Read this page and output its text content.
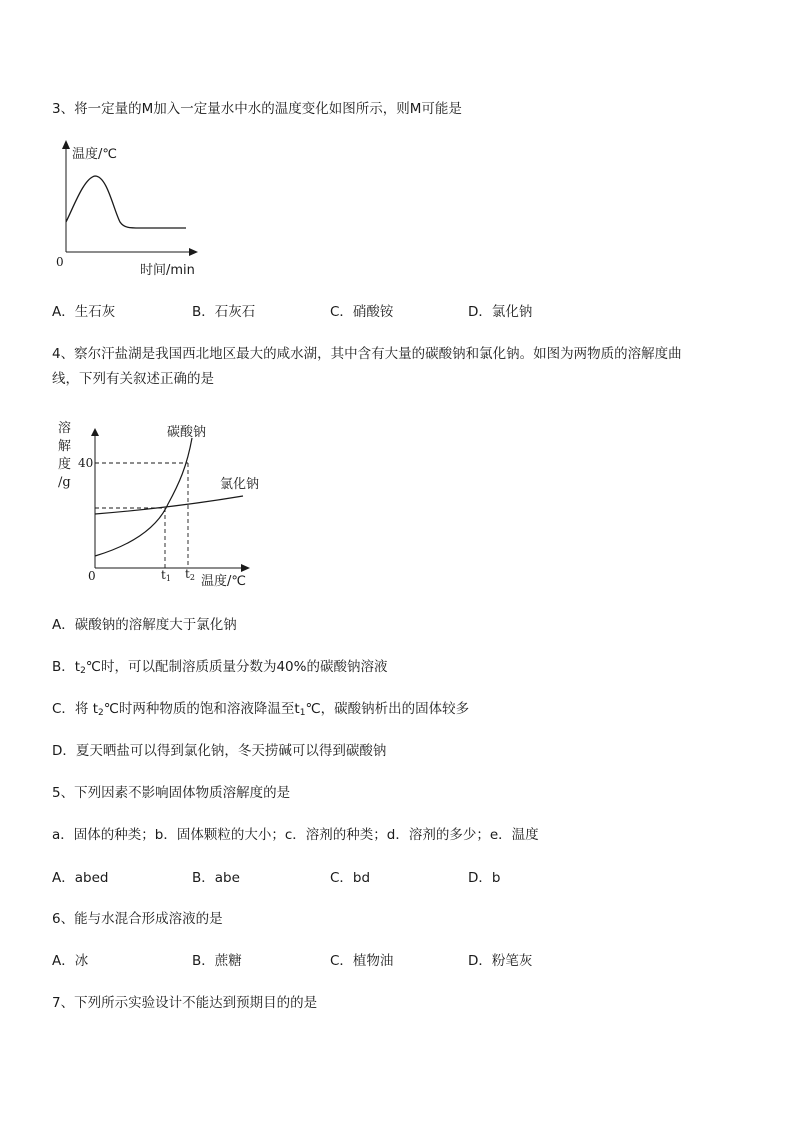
3、将一定量的M加入一定量水中水的温度变化如图所示，则M可能是
温度/℃
0
时间/min
A．生石灰	B．石灰石	C．硝酸铵	D．氯化钠
4、察尔汗盐湖是我国西北地区最大的咸水湖，其中含有大量的碳酸钠和氯化钠。如图为两物质的溶解度曲
线，下列有关叙述正确的是
溶
解
度
/g
40
0	t1 t2 温度/℃
碳酸钠
氯化钠
A．碳酸钠的溶解度大于氯化钠
B．$t_2℃$时，可以配制溶质质量分数为40%的碳酸钠溶液
C．将 $t_2℃$时两种物质的饱和溶液降温至$t_1℃$，碳酸钠析出的固体较多
D．夏天晒盐可以得到氯化钠，冬天捞碱可以得到碳酸钠
5、下列因素不影响固体物质溶解度的是
a．固体的种类；b．固体颗粒的大小；c．溶剂的种类；d．溶剂的多少；e．温度
A．abed	B．abe	C．bd	D．b
6、能与水混合形成溶液的是
A．冰	B．蔗糖	C．植物油	D．粉笔灰
7、下列所示实验设计不能达到预期目的的是
